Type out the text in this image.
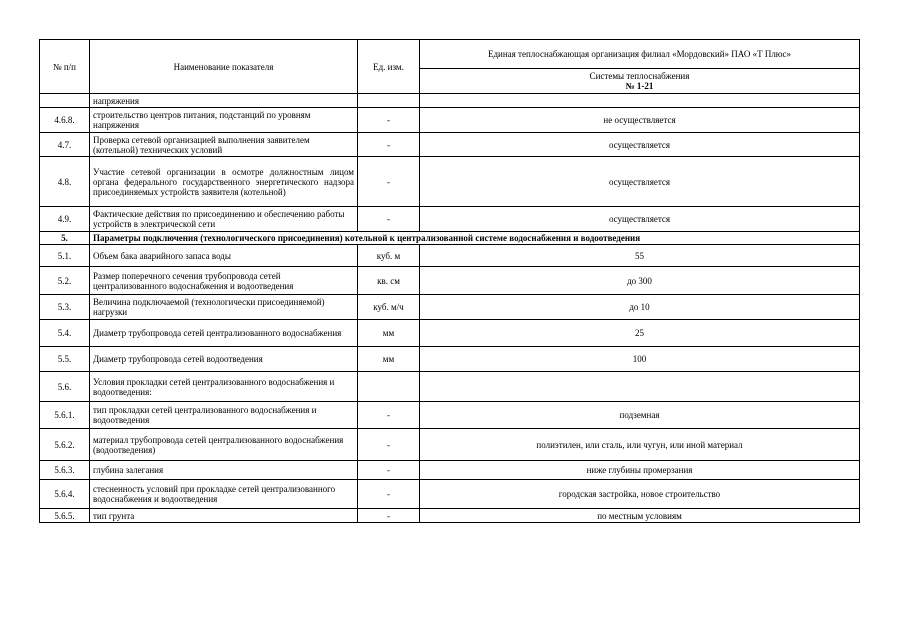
№ п/п	Наименование показателя	Ед. изм.	Единая теплоснабжающая организация филиал «Мордовский» ПАО «Т Плюс»
			Системы теплоснабжения
№ 1-21

	напряжения		
4.6.8.	строительство центров питания, подстанций по уровням напряжения	-	не осуществляется
4.7.	Проверка сетевой организацией выполнения заявителем (котельной) технических условий	-	осуществляется
4.8.	Участие сетевой организации в осмотре должностным лицом органа федерального государственного энергетического надзора присоединяемых устройств заявителя (котельной)	-	осуществляется
4.9.	Фактические действия по присоединению и обеспечению работы устройств в электрической сети	-	осуществляется
5.	Параметры подключения (технологического присоединения) котельной к централизованной системе водоснабжения и водоотведения		
5.1.	Объем бака аварийного запаса воды	куб. м	55
5.2.	Размер поперечного сечения трубопровода сетей централизованного водоснабжения и водоотведения	кв. см	до 300
5.3.	Величина подключаемой (технологически присоединяемой) нагрузки	куб. м/ч	до 10
5.4.	Диаметр трубопровода сетей централизованного водоснабжения	мм	25
5.5.	Диаметр трубопровода сетей водоотведения	мм	100
5.6.	Условия прокладки сетей централизованного водоснабжения и водоотведения:		
5.6.1.	тип прокладки сетей централизованного водоснабжения и водоотведения	-	подземная
5.6.2.	материал трубопровода сетей централизованного водоснабжения (водоотведения)	-	полиэтилен, или сталь, или чугун, или иной материал
5.6.3.	глубина залегания	-	ниже глубины промерзания
5.6.4.	стесненность условий при прокладке сетей централизованного водоснабжения и водоотведения	-	городская застройка, новое строительство
5.6.5.	тип грунта	-	по местным условиям
